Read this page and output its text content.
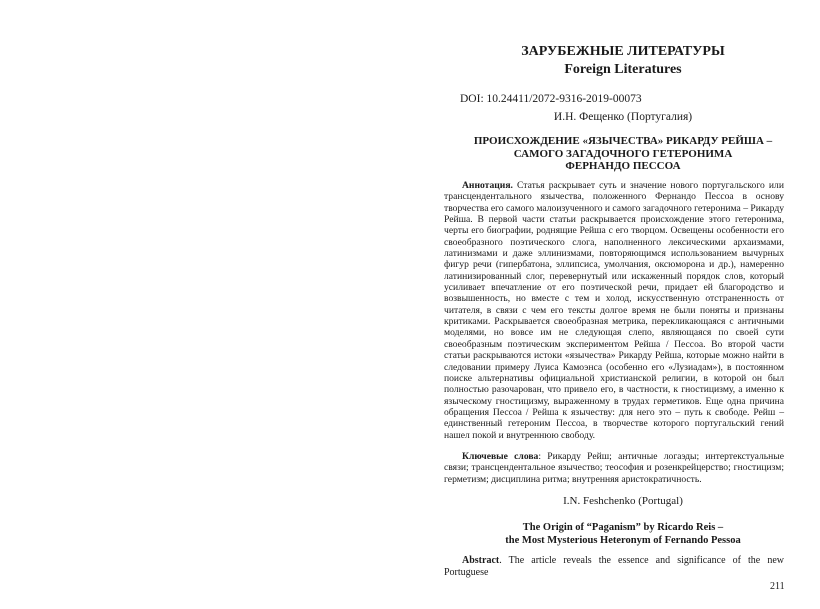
ЗАРУБЕЖНЫЕ ЛИТЕРАТУРЫ
Foreign Literatures
DOI: 10.24411/2072-9316-2019-00073
И.Н. Фещенко (Португалия)
ПРОИСХОЖДЕНИЕ «ЯЗЫЧЕСТВА» РИКАРДУ РЕЙША –
САМОГО ЗАГАДОЧНОГО ГЕТЕРОНИМА
ФЕРНАНДО ПЕССОА

Аннотация. Статья раскрывает суть и значение нового португальского или трансцендентального язычества, положенного Фернандо Пессоа в основу творчества его самого малоизученного и самого загадочного гетеронима – Рикарду Рейша. В первой части статьи раскрывается происхождение этого гетеронима, черты его биографии, роднящие Рейша с его творцом. Освещены особенности его своеобразного поэтического слога, наполненного лексическими архаизмами, латинизмами и даже эллинизмами, повторяющимся использованием вычурных фигур речи (гипербатона, эллипсиса, умолчания, оксюморона и др.), намеренно латинизированный слог, перевернутый или искаженный порядок слов, который усиливает впечатление от его поэтической речи, придает ей благородство и возвышенность, но вместе с тем и холод, искусственную отстраненность от читателя, в связи с чем его тексты долгое время не были поняты и признаны критиками. Раскрывается своеобразная метрика, перекликающаяся с античными моделями, но вовсе им не следующая слепо, являющаяся по своей сути своеобразным поэтическим экспериментом Рейша / Пессоа. Во второй части статьи раскрываются истоки «язычества» Рикарду Рейша, которые можно найти в следовании примеру Луиса Камоэнса (особенно его «Лузиадам»), в постоянном поиске альтернативы официальной христианской религии, в которой он был полностью разочарован, что привело его, в частности, к гностицизму, а именно к языческому гностицизму, выраженному в трудах герметиков. Еще одна причина обращения Пессоа / Рейша к язычеству: для него это – путь к свободе. Рейш – единственный гетероним Пессоа, в творчестве которого португальский гений нашел покой и внутреннюю свободу.

Ключевые слова: Рикарду Рейш; античные логаэды; интертекстуальные связи; трансцендентальное язычество; теософия и розенкрейцерство; гностицизм; герметизм; дисциплина ритма; внутренняя аристократичность.

I.N. Feshchenko (Portugal)
The Origin of “Paganism” by Ricardo Reis –
the Most Mysterious Heteronym of Fernando Pessoa

Abstract. The article reveals the essence and significance of the new Portuguese

211
